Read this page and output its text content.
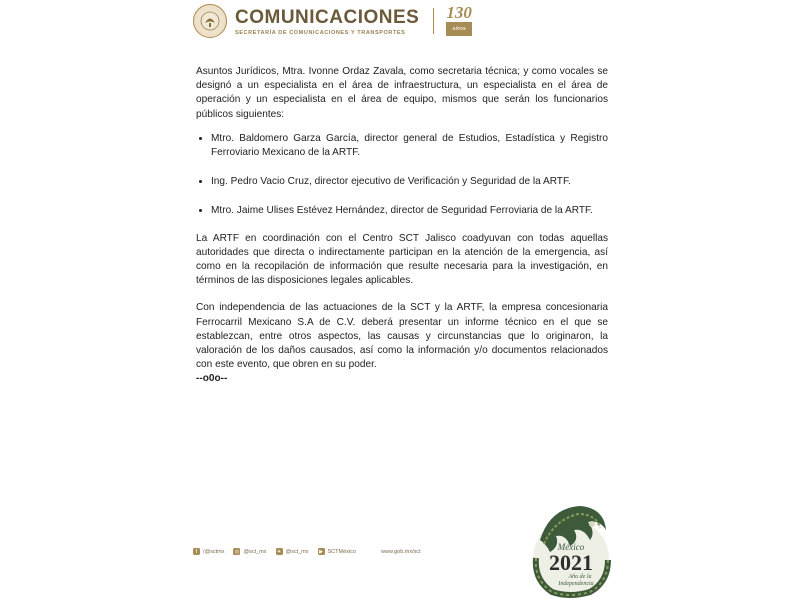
COMUNICACIONES
SECRETARÍA DE COMUNICACIONES Y TRANSPORTES
130
AÑOS

Asuntos Jurídicos, Mtra. Ivonne Ordaz Zavala, como secretaria técnica; y como vocales se designó a un especialista en el área de infraestructura, un especialista en el área de operación y un especialista en el área de equipo, mismos que serán los funcionarios públicos siguientes:

• Mtro. Baldomero Garza García, director general de Estudios, Estadística y Registro Ferroviario Mexicano de la ARTF.
• Ing. Pedro Vacio Cruz, director ejecutivo de Verificación y Seguridad de la ARTF.
• Mtro. Jaime Ulises Estévez Hernández, director de Seguridad Ferroviaria de la ARTF.

La ARTF en coordinación con el Centro SCT Jalisco coadyuvan con todas aquellas autoridades que directa o indirectamente participan en la atención de la emergencia, así como en la recopilación de información que resulte necesaria para la investigación, en términos de las disposiciones legales aplicables.

Con independencia de las actuaciones de la SCT y la ARTF, la empresa concesionaria Ferrocarril Mexicano S.A de C.V. deberá presentar un informe técnico en el que se establezcan, entre otros aspectos, las causas y circunstancias que lo originaron, la valoración de los daños causados, así como la información y/o documentos relacionados con este evento, que obren en su poder.

--o0o--

f	/@sctmx ◎ @sct_mx ✦ @sct_mx	▶ SCTMéxico	www.gob.mx/sct	México
2021
Año de la
Independencia
